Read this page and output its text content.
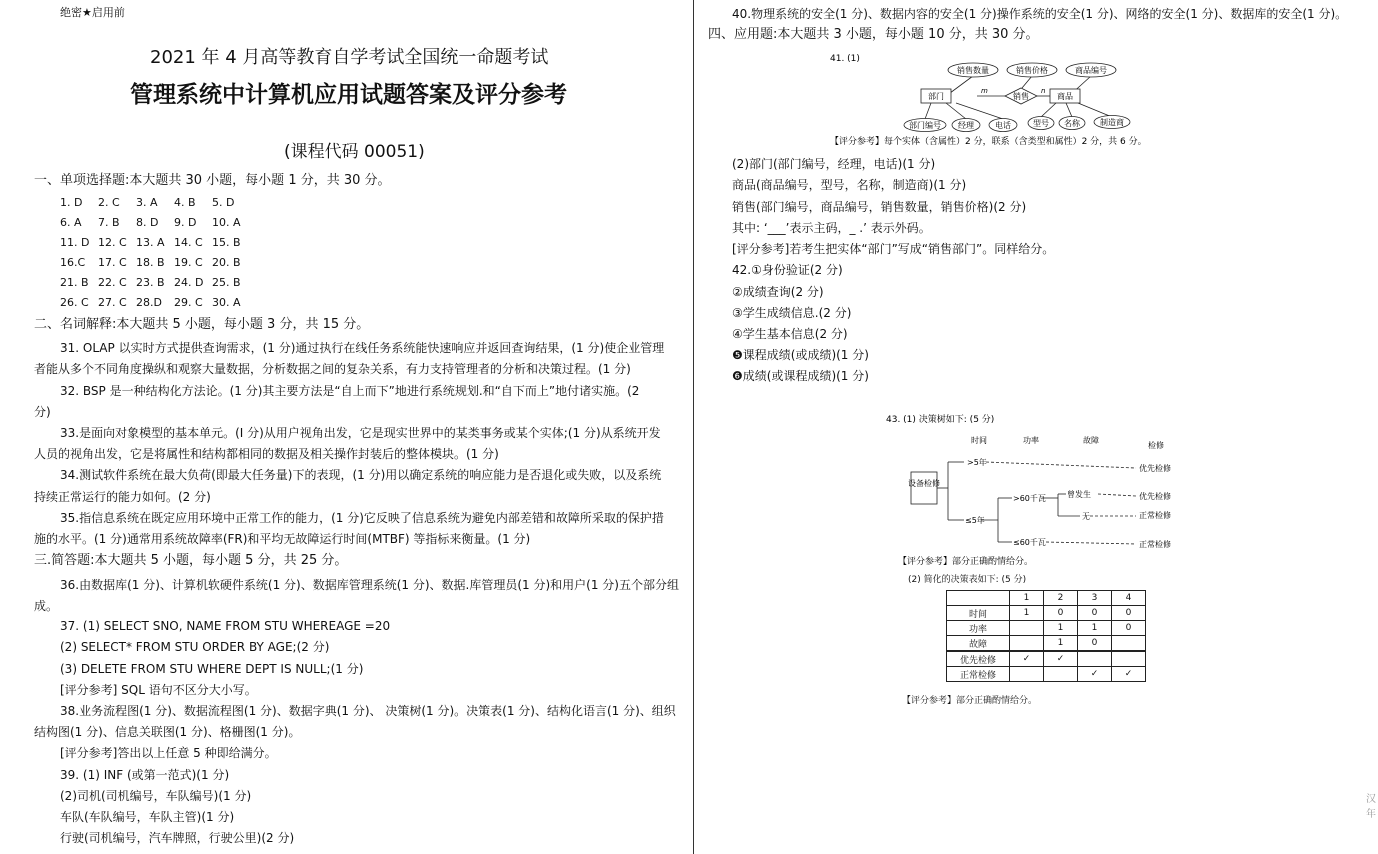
绝密★启用前
2021 年 4 月高等教育自学考试全国统一命题考试
管理系统中计算机应用试题答案及评分参考
(课程代码 00051)
一、单项选择题:本大题共 30 小题，每小题 1 分，共 30 分。
1. D 2. C 3. A 4. B 5. D
6. A 7. B 8. D 9. D 10. A
11. D 12. C 13. A 14. C 15. B
16.C 17. C 18. B 19. C 20. B
21. B 22. C 23. B 24. D 25. B
26. C 27. C 28.D 29. C 30. A
二、名词解释:本大题共 5 小题，每小题 3 分，共 15 分。
31. OLAP 以实时方式提供查询需求，(1 分)通过执行在线任务系统能快速响应并返回查询结果，(1 分)使企业管理
者能从多个不同角度操纵和观察大量数据，分析数据之间的复杂关系，有力支持管理者的分析和决策过程。(1 分)
32. BSP 是一种结构化方法论。(1 分)其主要方法是“自上而下”地进行系统规划.和“自下而上”地付诸实施。(2
分)
33.是面向对象模型的基本单元。(I 分)从用户视角出发，它是现实世界中的某类事务或某个实体;(1 分)从系统开发
人员的视角出发，它是将属性和结构都相同的数据及相关操作封装后的整体模块。(1 分)
34.测试软件系统在最大负荷(即最大任务量)下的表现，(1 分)用以确定系统的响应能力是否退化或失败，以及系统
持续正常运行的能力如何。(2 分)
35.指信息系统在既定应用环境中正常工作的能力，(1 分)它反映了信息系统为避免内部差错和故障所采取的保护措
施的水平。(1 分)通常用系统故障率(FR)和平均无故障运行时间(MTBF) 等指标来衡量。(1 分)
三.简答题:本大题共 5 小题，每小题 5 分，共 25 分。
36.由数据库(1 分)、计算机软硬件系统(1 分)、数据库管理系统(1 分)、数据.库管理员(1 分)和用户(1 分)五个部分组
成。
37. (1) SELECT SNO, NAME FROM STU WHEREAGE =20
(2) SELECT* FROM STU ORDER BY AGE;(2 分)
(3) DELETE FROM STU WHERE DEPT IS NULL;(1 分)
[评分参考] SQL 语句不区分大小写。
38.业务流程图(1 分)、数据流程图(1 分)、数据字典(1 分)、 决策树(1 分)。决策表(1 分)、结构化语言(1 分)、组织
结构图(1 分)、信息关联图(1 分)、格栅图(1 分)。
[评分参考]答出以上任意 5 种即给满分。
39. (1) INF (或第一范式)(1 分)
(2)司机(司机编号，车队编号)(1 分)
车队(车队编号，车队主管)(1 分)
行驶(司机编号，汽车牌照，行驶公里)(2 分)
40.物理系统的安全(1 分)、数据内容的安全(1 分)操作系统的安全(1 分)、网络的安全(1 分)、数据库的安全(1 分)。
四、应用题:本大题共 3 小题，每小题 10 分，共 30 分。
41. (1)
销售数量	销售价格	商品编号
部门	销售	商品
m	n
部门编号 经理	电话	型号 名称	制造商
【评分参考】每个实体（含属性）2 分，联系（含类型和属性）2 分，共 6 分。
(2)部门(部门编号，经理，电话)(1 分)
商品(商品编号，型号，名称，制造商)(1 分)
销售(部门编号，商品编号，销售数量，销售价格)(2 分)
其中: ‘___’表示主码，_ .’ 表示外码。
[评分参考]若考生把实体“部门”写成“销售部门”。同样给分。
42.①身份验证(2 分)
②成绩查询(2 分)
③学生成绩信息.(2 分)
④学生基本信息(2 分)
❺课程成绩(或成绩)(1 分)
❻成绩(或课程成绩)(1 分)
43. (1) 决策树如下: (5 分)
时间	功率	故障
检修
设备检修
>5年
≤5年
>60千瓦
≤60千瓦
曾发生
无
优先检修
优先检修
正常检修
正常检修
【评分参考】部分正确酌情给分。
(2) 简化的决策表如下: (5 分)
	1	2	3	4
时间	1	0	0	0
功率		1	1	0
故障		1	0	
优先检修	✓	✓		
正常检修			✓	✓
【评分参考】部分正确酌情给分。
汉 年
